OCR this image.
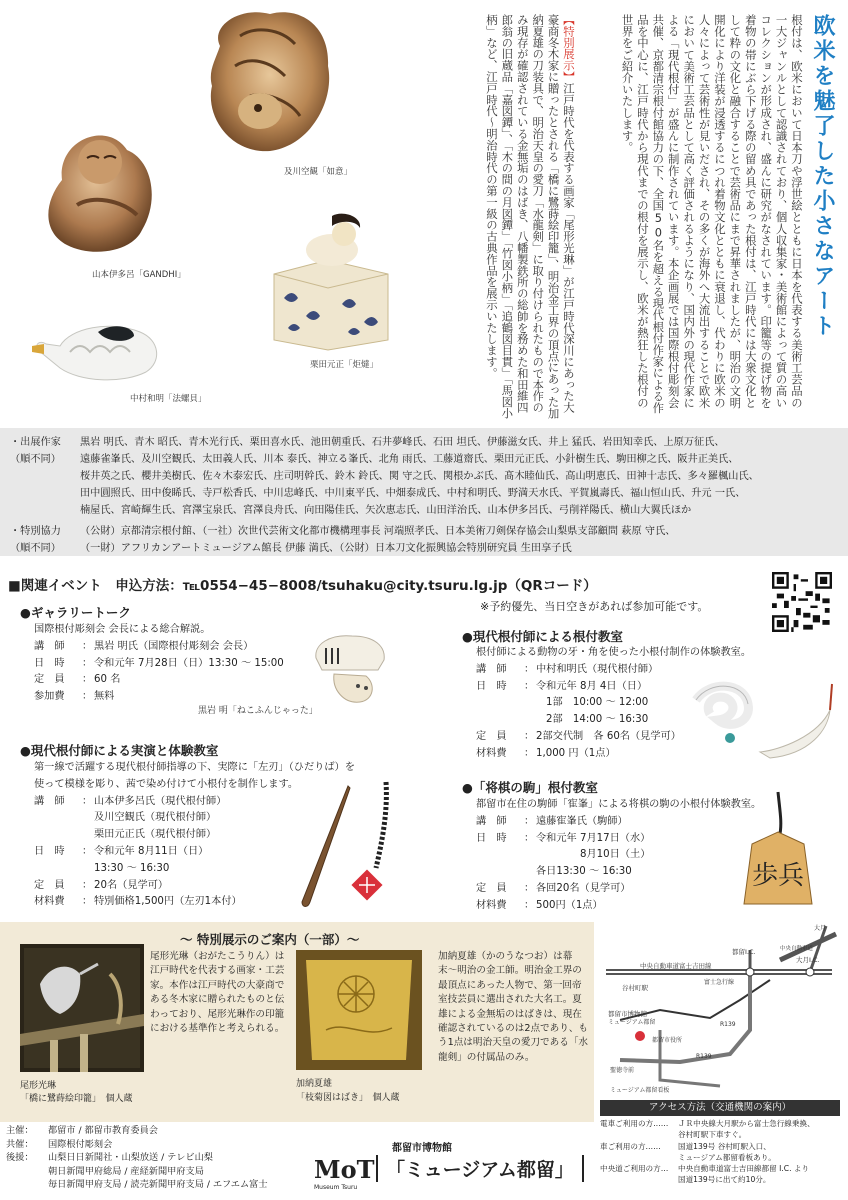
及川空観「如意」
山本伊多呂「GANDHI」
栗田元正「炬燵」
中村和明「法螺貝」
欧米を魅了した小さなアート
根付は、欧米において日本刀や浮世絵とともに日本を代表する美術工芸品の一大ジャンルとして認識されており、個人収集家・美術館によって質の高いコレクションが形成され、盛んに研究がなされています。印籠等の提げ物を着物の帯にぶら下げる際の留め具であった根付は、江戸時代には大衆文化として粋の文化と融合することで芸術品にまで昇華されましたが、明治の文明開化により洋装が浸透するにつれ着物文化とともに衰退し、代わりに欧米の人々によって芸術性が見いだされ、その多くが海外へ大流出することで欧米において美術工芸品として高く評価されるようになり、国内外の現代作家による「現代根付」が盛んに制作されています。本企画展では国際根付彫刻会共催、京都清宗根付館協力の下、全国50名を超える現代根付作家による作品を中心に、江戸時代から現代までの根付を展示し、欧米が熱狂した根付の世界をご紹介いたします。
【特別展示】江戸時代を代表する画家「尾形光琳」が江戸時代深川にあった大豪商冬木家に贈ったとされる「橋に鷺蒔絵印籠」、明治金工界の頂点にあった加納夏雄の刀装具で、明治天皇の愛刀「水龍剣」に取り付けられたもので本作のみ現存が確認されている金無垢のはばき、八幡製鉄所の総帥を務めた和田維四郎翁の旧蔵品「嘉図鐔」、「木の間の月図鐔」「竹図小柄」「追鶴図目貫」「馬図小柄」など、江戸時代〜明治時代の第一級の古典作品を展示いたします。
・出展作家
（順不同）
黒岩 明氏、青木 昭氏、青木光行氏、栗田喜水氏、池田朝重氏、石井夢峰氏、石田 坦氏、伊藤滋女氏、井上 猛氏、岩田知幸氏、上原万征氏、
遠藤雀峯氏、及川空観氏、太田義人氏、川本 泰氏、神立る峯氏、北角 雨氏、工藤道齋氏、栗田元正氏、小針樹生氏、駒田柳之氏、阪井正美氏、
桜井英之氏、櫻井美樹氏、佐々木泰宏氏、庄司明幹氏、鈴木 鈴氏、関 守之氏、関根かぶ氏、髙木睦仙氏、高山明恵氏、田神十志氏、多々羅楓山氏、
田中圓照氏、田中俊睎氏、寺戸松香氏、中川忠峰氏、中川東平氏、中畑泰成氏、中村和明氏、野満天水氏、平賀嵐壽氏、福山恒山氏、升元 一氏、
楠屋氏、宮崎輝生氏、宮澤宝泉氏、宮澤良舟氏、向田陽佳氏、矢次恵志氏、山田洋治氏、山本伊多呂氏、弓削祥陽氏、横山大翼氏ほか
・特別協力
（順不同）
（公財）京都清宗根付館、（一社）次世代芸術文化都市機構理事長 河端照孝氏、日本美術刀剣保存協会山梨県支部顧問 萩原 守氏、
（一財）アフリカンアートミュージアム館長 伊藤 満氏、（公財）日本刀文化振興協会特別研究員 生田享子氏
■関連イベント　申込方法：℡0554−45−8008/tsuhaku@city.tsuru.lg.jp（QRコード）
※予約優先、当日空きがあれば参加可能です。
●ギャラリートーク
国際根付彫刻会 会長による総合解説。
講　師	： 黒岩 明氏（国際根付彫刻会 会長）
日　時	： 令和元年 7月28日（日）13:30 ～ 15:00
定　員	： 60 名
参加費	： 無料
黒岩 明「ねこふんじゃった」
●現代根付師による実演と体験教室
第一線で活躍する現代根付師指導の下、実際に「左刃」（ひだりば）を
使って模様を彫り、茜で染め付けて小根付を制作します。
講　師	： 山本伊多呂氏（現代根付師）
及川空観氏（現代根付師）
栗田元正氏（現代根付師）
日　時	： 令和元年 8月11日（日）
13:30 ～ 16:30
定　員	： 20名（見学可）
材料費	： 特別価格1,500円（左刃1本付）
●現代根付師による根付教室
根付師による動物の牙・角を使った小根付制作の体験教室。
講　師	： 中村和明氏（現代根付師）
日　時	： 令和元年 8月 4日（日）
1部　10:00 ～ 12:00
2部　14:00 ～ 16:30
定　員	： 2部交代制　各 60名（見学可）
材料費	： 1,000 円（1点）
●「将棋の駒」根付教室
都留市在住の駒師「寉峯」による将棋の駒の小根付体験教室。
講　師	： 遠藤寉峯氏（駒師）
日　時	： 令和元年 7月17日（水）
8月10日（土）
各日13:30 ～ 16:30
定　員	： 各回20名（見学可）
材料費	： 500円（1点）
歩兵
〜 特別展示のご案内（一部）〜
尾形光琳（おがたこうりん）は江戸時代を代表する画家・工芸家。本作は江戸時代の大豪商である冬木家に贈られたものと伝わっており、尾形光琳作の印籠における基準作と考えられる。
尾形光琳
「橋に鷺蒔絵印籠」　個人蔵
加納夏雄（かのうなつお）は幕末〜明治の金工師。明治金工界の最頂点にあった人物で、第一回帝室技芸員に選出された大名工。夏雄による金無垢のはばきは、現在確認されているのは2点であり、もう1点は明治天皇の愛刀である「水龍剣」の付属品のみ。
加納夏雄
「枝菊図はばき」　個人蔵
中央自動車道富士吉田線
都留I.C.
大月I.C.
富士急行線
谷村町駅
都留市博物館
ミュージアム都留
都留市役所
R139
R139
聖徳寺前
ミュージアム都留看板
大月
中央自動車道
アクセス方法（交通機関の案内）
電車ご利用の方……	ＪＲ中央線大月駅から富士急行線乗換、
谷村町駅下車すぐ。
車ご利用の方……	国道139号 谷村町駅入口、
ミュージアム都留看板あり。
中央道ご利用の方…	中央自動車道富士吉田線都留 I.C. より
国道139号に出て約10分。
主催：	都留市 / 都留市教育委員会
共催：	国際根付彫刻会
後援：	山梨日日新聞社・山梨放送 / テレビ山梨
朝日新聞甲府総局 / 産経新聞甲府支局
毎日新聞甲府支局 / 読売新聞甲府支局 / エフエム富士
MoT
Museum Tsuru
都留市博物館
「ミュージアム都留」
